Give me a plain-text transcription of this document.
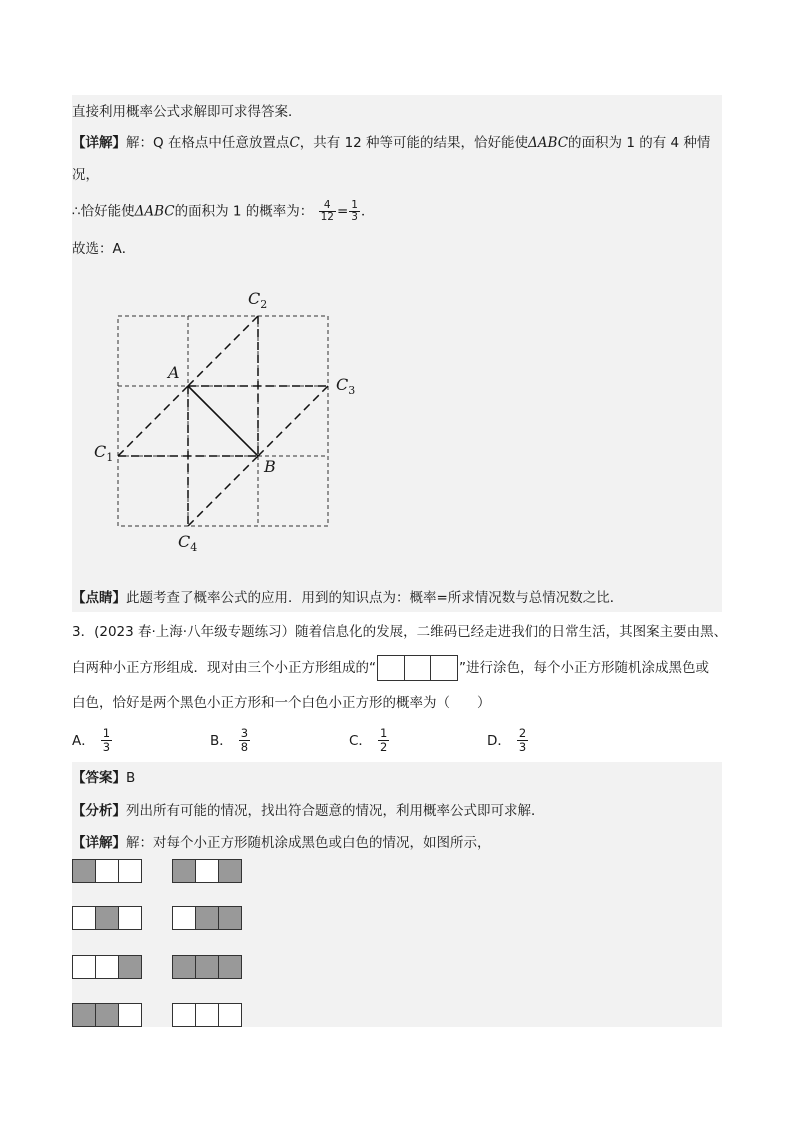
直接利用概率公式求解即可求得答案．
【详解】解：Q 在格点中任意放置点C，共有 12 种等可能的结果，恰好能使ΔABC的面积为 1 的有 4 种情
况，
∴恰好能使ΔABC的面积为 1 的概率为： $\frac{4}{12} = \frac{1}{3}$ ．
故选：A．
A
B
$C_1$
$C_2$
$C_3$
$C_4$
【点睛】此题考查了概率公式的应用．用到的知识点为：概率=所求情况数与总情况数之比．
3．(2023 春·上海·八年级专题练习）随着信息化的发展，二维码已经走进我们的日常生活，其图案主要由黑、
白两种小正方形组成．现对由三个小正方形组成的“	”进行涂色，每个小正方形随机涂成黑色或
白色，恰好是两个黑色小正方形和一个白色小正方形的概率为（　　）
A． $\frac{1}{3}$	B． $\frac{3}{8}$	C． $\frac{1}{2}$	D． $\frac{2}{3}$
【答案】B
【分析】列出所有可能的情况，找出符合题意的情况，利用概率公式即可求解．
【详解】解：对每个小正方形随机涂成黑色或白色的情况，如图所示，
